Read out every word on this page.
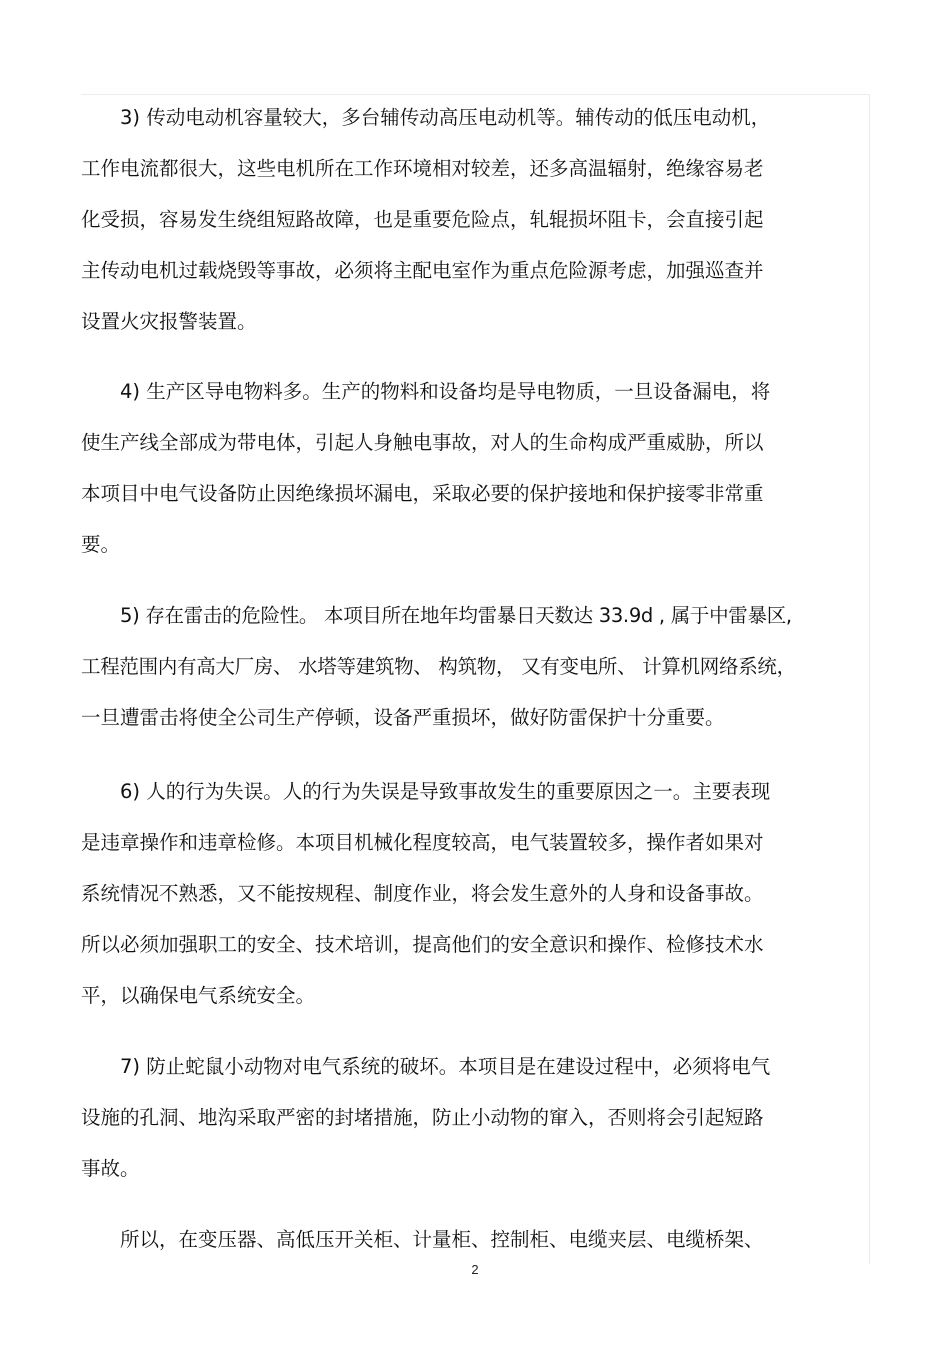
3) 传动电动机容量较大，多台辅传动高压电动机等。辅传动的低压电动机，
工作电流都很大，这些电机所在工作环境相对较差，还多高温辐射，绝缘容易老
化受损，容易发生绕组短路故障，也是重要危险点，轧辊损坏阻卡，会直接引起
主传动电机过载烧毁等事故，必须将主配电室作为重点危险源考虑，加强巡查并
设置火灾报警装置。
4) 生产区导电物料多。生产的物料和设备均是导电物质，一旦设备漏电，将
使生产线全部成为带电体，引起人身触电事故，对人的生命构成严重威胁，所以
本项目中电气设备防止因绝缘损坏漏电，采取必要的保护接地和保护接零非常重
要。
5) 存在雷击的危险性。 本项目所在地年均雷暴日天数达 33.9d , 属于中雷暴区,
工程范围内有高大厂房、 水塔等建筑物、 构筑物， 又有变电所、 计算机网络系统，
一旦遭雷击将使全公司生产停顿，设备严重损坏，做好防雷保护十分重要。
6) 人的行为失误。人的行为失误是导致事故发生的重要原因之一。主要表现
是违章操作和违章检修。本项目机械化程度较高，电气装置较多，操作者如果对
系统情况不熟悉，又不能按规程、制度作业，将会发生意外的人身和设备事故。
所以必须加强职工的安全、技术培训，提高他们的安全意识和操作、检修技术水
平，以确保电气系统安全。
7) 防止蛇鼠小动物对电气系统的破坏。本项目是在建设过程中，必须将电气
设施的孔洞、地沟采取严密的封堵措施，防止小动物的窜入，否则将会引起短路
事故。
所以，在变压器、高低压开关柜、计量柜、控制柜、电缆夹层、电缆桥架、
2
